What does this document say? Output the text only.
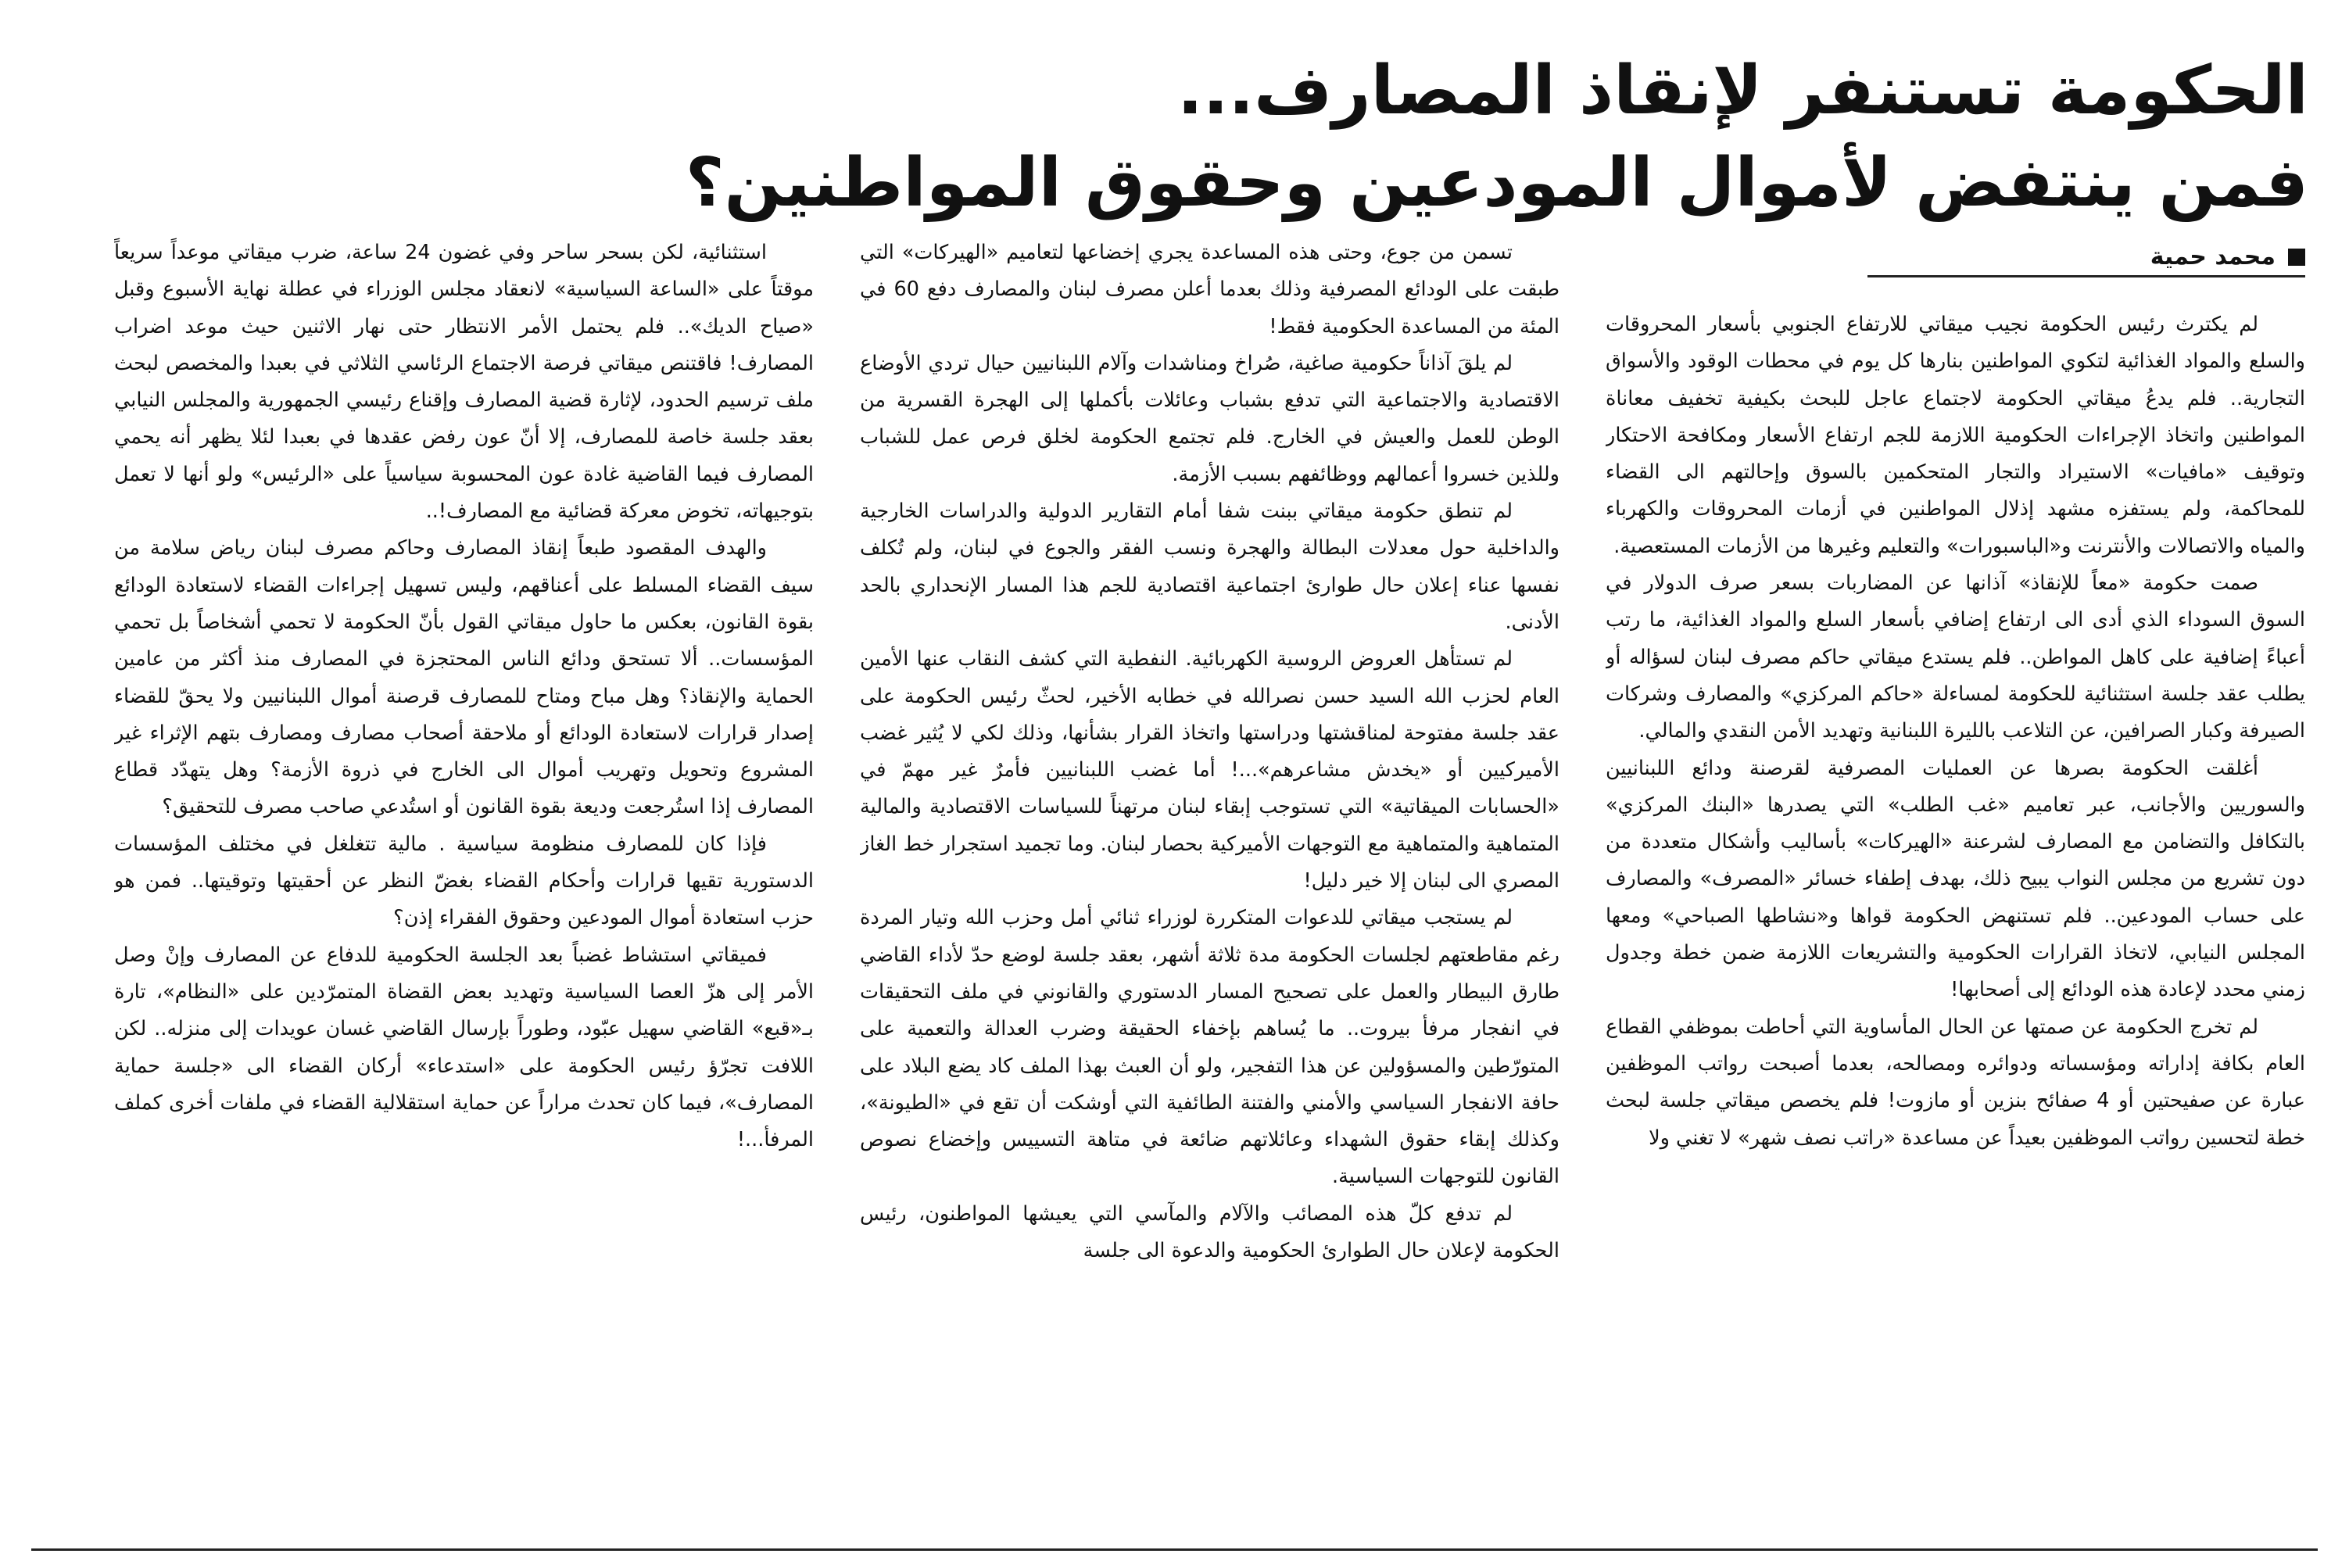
الحكومة تستنفر لإنقاذ المصارف...
فمن ينتفض لأموال المودعين وحقوق المواطنين؟
محمد حمية

لم يكترث رئيس الحكومة نجيب ميقاتي للارتفاع الجنوبي بأسعار المحروقات والسلع والمواد الغذائية لتكوي المواطنين بنارها كل يوم في محطات الوقود والأسواق التجارية.. فلم يدعُ ميقاتي الحكومة لاجتماع عاجل للبحث بكيفية تخفيف معاناة المواطنين واتخاذ الإجراءات الحكومية اللازمة للجم ارتفاع الأسعار ومكافحة الاحتكار وتوقيف «مافيات» الاستيراد والتجار المتحكمين بالسوق وإحالتهم الى القضاء للمحاكمة، ولم يستفزه مشهد إذلال المواطنين في أزمات المحروقات والكهرباء والمياه والاتصالات والأنترنت و«الباسبورات» والتعليم وغيرها من الأزمات المستعصية.

صمت حكومة «معاً للإنقاذ» آذانها عن المضاربات بسعر صرف الدولار في السوق السوداء الذي أدى الى ارتفاع إضافي بأسعار السلع والمواد الغذائية، ما رتب أعباءً إضافية على كاهل المواطن.. فلم يستدع ميقاتي حاكم مصرف لبنان لسؤاله أو يطلب عقد جلسة استثنائية للحكومة لمساءلة «حاكم المركزي» والمصارف وشركات الصيرفة وكبار الصرافين، عن التلاعب بالليرة اللبنانية وتهديد الأمن النقدي والمالي.

أغلقت الحكومة بصرها عن العمليات المصرفية لقرصنة ودائع اللبنانيين والسوريين والأجانب، عبر تعاميم «غب الطلب» التي يصدرها «البنك المركزي» بالتكافل والتضامن مع المصارف لشرعنة «الهيركات» بأساليب وأشكال متعددة من دون تشريع من مجلس النواب يبيح ذلك، بهدف إطفاء خسائر «المصرف» والمصارف على حساب المودعين.. فلم تستنهض الحكومة قواها و«نشاطها الصباحي» ومعها المجلس النيابي، لاتخاذ القرارات الحكومية والتشريعات اللازمة ضمن خطة وجدول زمني محدد لإعادة هذه الودائع إلى أصحابها!

لم تخرج الحكومة عن صمتها عن الحال المأساوية التي أحاطت بموظفي القطاع العام بكافة إداراته ومؤسساته ودوائره ومصالحه، بعدما أصبحت رواتب الموظفين عبارة عن صفيحتين أو 4 صفائح بنزين أو مازوت! فلم يخصص ميقاتي جلسة لبحث خطة لتحسين رواتب الموظفين بعيداً عن مساعدة «راتب نصف شهر» لا تغني ولا

تسمن من جوع، وحتى هذه المساعدة يجري إخضاعها لتعاميم «الهيركات» التي طبقت على الودائع المصرفية وذلك بعدما أعلن مصرف لبنان والمصارف دفع 60 في المئة من المساعدة الحكومية فقط!

لم يلقَ آذاناً حكومية صاغية، صُراخ ومناشدات وآلام اللبنانيين حيال تردي الأوضاع الاقتصادية والاجتماعية التي تدفع بشباب وعائلات بأكملها إلى الهجرة القسرية من الوطن للعمل والعيش في الخارج. فلم تجتمع الحكومة لخلق فرص عمل للشباب وللذين خسروا أعمالهم ووظائفهم بسبب الأزمة.

لم تنطق حكومة ميقاتي ببنت شفا أمام التقارير الدولية والدراسات الخارجية والداخلية حول معدلات البطالة والهجرة ونسب الفقر والجوع في لبنان، ولم تُكلف نفسها عناء إعلان حال طوارئ اجتماعية اقتصادية للجم هذا المسار الإنحداري بالحد الأدنى.

لم تستأهل العروض الروسية الكهربائية. النفطية التي كشف النقاب عنها الأمين العام لحزب الله السيد حسن نصرالله في خطابه الأخير، لحثّ رئيس الحكومة على عقد جلسة مفتوحة لمناقشتها ودراستها واتخاذ القرار بشأنها، وذلك لكي لا يُثير غضب الأميركيين أو «يخدش مشاعرهم»...! أما غضب اللبنانيين فأمرٌ غير مهمّ في «الحسابات الميقاتية» التي تستوجب إبقاء لبنان مرتهناً للسياسات الاقتصادية والمالية المتماهية والمتماهية مع التوجهات الأميركية بحصار لبنان. وما تجميد استجرار خط الغاز المصري الى لبنان إلا خير دليل!

لم يستجب ميقاتي للدعوات المتكررة لوزراء ثنائي أمل وحزب الله وتيار المردة رغم مقاطعتهم لجلسات الحكومة مدة ثلاثة أشهر، بعقد جلسة لوضع حدّ لأداء القاضي طارق البيطار والعمل على تصحيح المسار الدستوري والقانوني في ملف التحقيقات في انفجار مرفأ بيروت.. ما يُساهم بإخفاء الحقيقة وضرب العدالة والتعمية على المتورّطين والمسؤولين عن هذا التفجير، ولو أن العبث بهذا الملف كاد يضع البلاد على حافة الانفجار السياسي والأمني والفتنة الطائفية التي أوشكت أن تقع في «الطيونة»، وكذلك إبقاء حقوق الشهداء وعائلاتهم ضائعة في متاهة التسييس وإخضاع نصوص القانون للتوجهات السياسية.

لم تدفع كلّ هذه المصائب والآلام والمآسي التي يعيشها المواطنون، رئيس الحكومة لإعلان حال الطوارئ الحكومية والدعوة الى جلسة

استثنائية، لكن بسحر ساحر وفي غضون 24 ساعة، ضرب ميقاتي موعداً سريعاً موقتاً على «الساعة السياسية» لانعقاد مجلس الوزراء في عطلة نهاية الأسبوع وقبل «صياح الديك».. فلم يحتمل الأمر الانتظار حتى نهار الاثنين حيث موعد اضراب المصارف! فاقتنص ميقاتي فرصة الاجتماع الرئاسي الثلاثي في بعبدا والمخصص لبحث ملف ترسيم الحدود، لإثارة قضية المصارف وإقناع رئيسي الجمهورية والمجلس النيابي بعقد جلسة خاصة للمصارف، إلا أنّ عون رفض عقدها في بعبدا لئلا يظهر أنه يحمي المصارف فيما القاضية غادة عون المحسوبة سياسياً على «الرئيس» ولو أنها لا تعمل بتوجيهاته، تخوض معركة قضائية مع المصارف!..

والهدف المقصود طبعاً إنقاذ المصارف وحاكم مصرف لبنان رياض سلامة من سيف القضاء المسلط على أعناقهم، وليس تسهيل إجراءات القضاء لاستعادة الودائع بقوة القانون، بعكس ما حاول ميقاتي القول بأنّ الحكومة لا تحمي أشخاصاً بل تحمي المؤسسات.. ألا تستحق ودائع الناس المحتجزة في المصارف منذ أكثر من عامين الحماية والإنقاذ؟ وهل مباح ومتاح للمصارف قرصنة أموال اللبنانيين ولا يحقّ للقضاء إصدار قرارات لاستعادة الودائع أو ملاحقة أصحاب مصارف ومصارف بتهم الإثراء غير المشروع وتحويل وتهريب أموال الى الخارج في ذروة الأزمة؟ وهل يتهدّد قطاع المصارف إذا استُرجعت وديعة بقوة القانون أو استُدعي صاحب مصرف للتحقيق؟

فإذا كان للمصارف منظومة سياسية . مالية تتغلغل في مختلف المؤسسات الدستورية تقيها قرارات وأحكام القضاء بغضّ النظر عن أحقيتها وتوقيتها.. فمن هو حزب استعادة أموال المودعين وحقوق الفقراء إذن؟

فميقاتي استشاط غضباً بعد الجلسة الحكومية للدفاع عن المصارف وإنْ وصل الأمر إلى هزّ العصا السياسية وتهديد بعض القضاة المتمرّدين على «النظام»، تارة بـ«قبع» القاضي سهيل عبّود، وطوراً بإرسال القاضي غسان عويدات إلى منزله.. لكن اللافت تجرّؤ رئيس الحكومة على «استدعاء» أركان القضاء الى «جلسة حماية المصارف»، فيما كان تحدث مراراً عن حماية استقلالية القضاء في ملفات أخرى كملف المرفأ...!
